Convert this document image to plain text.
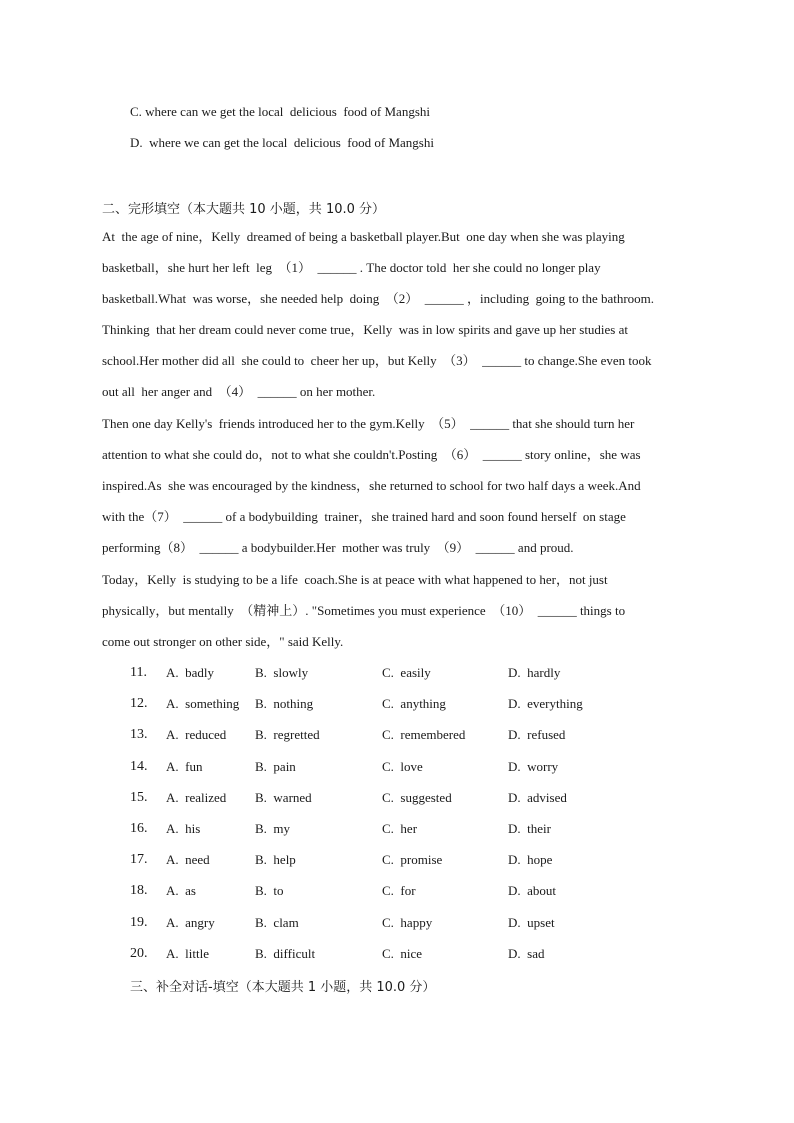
C. where can we get the local  delicious  food of Mangshi
D.  where we can get the local  delicious  food of Mangshi
二、完形填空（本大题共 10 小题，共 10.0 分）
At  the age of nine，Kelly  dreamed of being a basketball player.But  one day when she was playing
basketball，she hurt her left  leg  （1）  ______ . The doctor told  her she could no longer play
basketball.What  was worse，she needed help  doing  （2）  ______ ，including  going to the bathroom.
Thinking  that her dream could never come true，Kelly  was in low spirits and gave up her studies at
school.Her mother did all  she could to  cheer her up，but Kelly  （3）  ______ to change.She even took
out all  her anger and  （4）  ______ on her mother.
Then one day Kelly's  friends introduced her to the gym.Kelly  （5）  ______ that she should turn her
attention to what she could do，not to what she couldn't.Posting  （6）  ______ story online，she was
inspired.As  she was encouraged by the kindness，she returned to school for two half days a week.And
with the（7）  ______ of a bodybuilding  trainer，she trained hard and soon found herself  on stage
performing（8）  ______ a bodybuilder.Her  mother was truly  （9）  ______ and proud.
Today，Kelly  is studying to be a life  coach.She is at peace with what happened to her，not just
physically，but mentally  （精神上）. "Sometimes you must experience  （10）  ______ things to
come out stronger on other side，" said Kelly.
11. A.  badly	B.  slowly	C.  easily	D.  hardly
12. A.  something B.  nothing	C.  anything	D.  everything
13. A.  reduced B.  regretted	C.  remembered	D.  refused
14. A.  fun	B.  pain	C.  love	D.  worry
15. A.  realized B.  warned	C.  suggested	D.  advised
16. A.  his	B.  my	C.  her	D.  their
17. A.  need	B.  help	C.  promise	D.  hope
18. A.  as	B.  to	C.  for	D.  about
19. A.  angry	B.  clam	C.  happy	D.  upset
20. A.  little	B.  difficult	C.  nice	D.  sad
三、补全对话-填空（本大题共 1 小题，共 10.0 分）
